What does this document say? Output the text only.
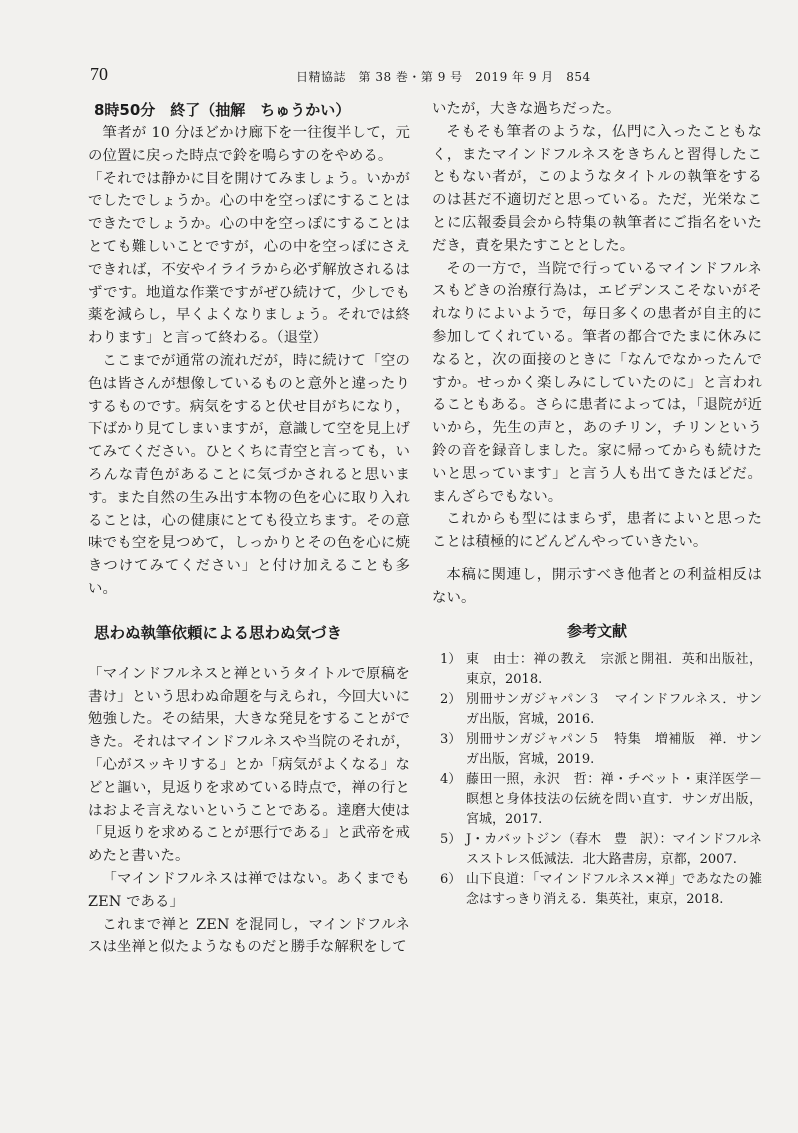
70	日精協誌　第 38 巻・第 9 号　2019 年 9 月　854
8時50分　終了（抽解　ちゅうかい）

筆者が 10 分ほどかけ廊下を一往復半して，元の位置に戻った時点で鈴を鳴らすのをやめる。

「それでは静かに目を開けてみましょう。いかがでしたでしょうか。心の中を空っぽにすることはできたでしょうか。心の中を空っぽにすることはとても難しいことですが，心の中を空っぽにさえできれば，不安やイライラから必ず解放されるはずです。地道な作業ですがぜひ続けて，少しでも薬を減らし，早くよくなりましょう。それでは終わります」と言って終わる。（退堂）

ここまでが通常の流れだが，時に続けて「空の色は皆さんが想像しているものと意外と違ったりするものです。病気をすると伏せ目がちになり，下ばかり見てしまいますが，意識して空を見上げてみてください。ひとくちに青空と言っても，いろんな青色があることに気づかされると思います。また自然の生み出す本物の色を心に取り入れることは，心の健康にとても役立ちます。その意味でも空を見つめて，しっかりとその色を心に焼きつけてみてください」と付け加えることも多い。

思わぬ執筆依頼による思わぬ気づき

「マインドフルネスと禅というタイトルで原稿を書け」という思わぬ命題を与えられ，今回大いに勉強した。その結果，大きな発見をすることができた。それはマインドフルネスや当院のそれが，「心がスッキリする」とか「病気がよくなる」などと謳い，見返りを求めている時点で，禅の行とはおよそ言えないということである。達磨大使は「見返りを求めることが悪行である」と武帝を戒めたと書いた。

「マインドフルネスは禅ではない。あくまでも ZEN である」

これまで禅と ZEN を混同し，マインドフルネスは坐禅と似たようなものだと勝手な解釈をして

いたが，大きな過ちだった。

そもそも筆者のような，仏門に入ったこともなく，またマインドフルネスをきちんと習得したこともない者が，このようなタイトルの執筆をするのは甚だ不適切だと思っている。ただ，光栄なことに広報委員会から特集の執筆者にご指名をいただき，責を果たすこととした。

その一方で，当院で行っているマインドフルネスもどきの治療行為は，エビデンスこそないがそれなりによいようで，毎日多くの患者が自主的に参加してくれている。筆者の都合でたまに休みになると，次の面接のときに「なんでなかったんですか。せっかく楽しみにしていたのに」と言われることもある。さらに患者によっては，「退院が近いから，先生の声と，あのチリン，チリンという鈴の音を録音しました。家に帰ってからも続けたいと思っています」と言う人も出てきたほどだ。まんざらでもない。

これからも型にはまらず，患者によいと思ったことは積極的にどんどんやっていきたい。

本稿に関連し，開示すべき他者との利益相反はない。

参考文献
1） 東　由士：禅の教え　宗派と開祖．英和出版社，東京，2018.
2） 別冊サンガジャパン３　マインドフルネス．サンガ出版，宮城，2016.
3） 別冊サンガジャパン５　特集　増補版　禅．サンガ出版，宮城，2019.
4） 藤田一照，永沢　哲：禅・チベット・東洋医学－瞑想と身体技法の伝統を問い直す．サンガ出版，宮城，2017.
5） J・カバットジン（春木　豊　訳）：マインドフルネスストレス低減法．北大路書房，京都，2007.
6） 山下良道：「マインドフルネス×禅」であなたの雑念はすっきり消える．集英社，東京，2018.
